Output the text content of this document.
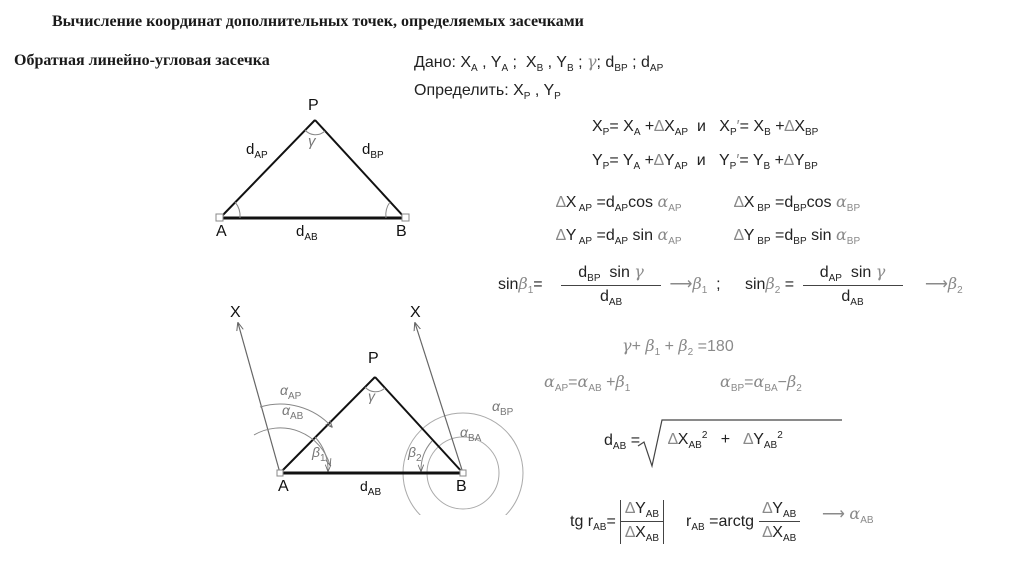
Вычисление координат дополнительных точек, определяемых засечками
Обратная линейно-угловая засечка
P
A	B
γ
$d_{AP}$	$d_{BP}$
$d_{AB}$
X	X
P
A	B
$d_{AB}$
γ
$\alpha_{AP}$
$\alpha_{AB}$
$\beta_1$	$\beta_2$
$\alpha_{BP}$
$\alpha_{BA}$
Дано: $X_A$ , $Y_A$ ;  $X_B$ , $Y_B$ ; γ; $d_{BP}$ ; $d_{AP}$
Определить: $X_P$ , $Y_P$
$X_P= X_A +\Delta X_{AP}$ и   $X_P'= X_B +\Delta X_{BP}$
$Y_P= Y_A +\Delta Y_{AP}$ и   $Y_P'= Y_B +\Delta Y_{BP}$
∆X $_{AP} =d_{AP}\cos$ $\alpha_{AP}$	∆X $_{BP} =d_{BP}\cos$ $\alpha_{BP}$
∆Y $_{AP} =d_{AP}$ $\sin \alpha_{AP}$	∆Y $_{BP} =d_{BP}$ $\sin \alpha_{BP}$
$\sin\beta_1= \frac{d_{BP} \sin \gamma}{d_{AB}}$ $⟶\beta_1$  ; $\sin\beta_2 = \frac{d_{AP} \sin \gamma}{d_{AB}}$ $⟶\beta_2$
$\gamma+ \beta_1 + \beta_2 =180$
$\alpha_{AP}=\alpha_{AB} +\beta_1$	$\alpha_{BP}=\alpha_{BA}-\beta_2$
$d_{AB} = \Delta X_{AB}^2 + \Delta Y_{AB}^2$
tg $r_{AB}= \frac{\Delta Y_{AB}}{\Delta X_{AB}} r_{AB}$ =arctg $\frac{\Delta Y_{AB}}{\Delta X_{AB}}$ ⟶ $\alpha_{AB}$
